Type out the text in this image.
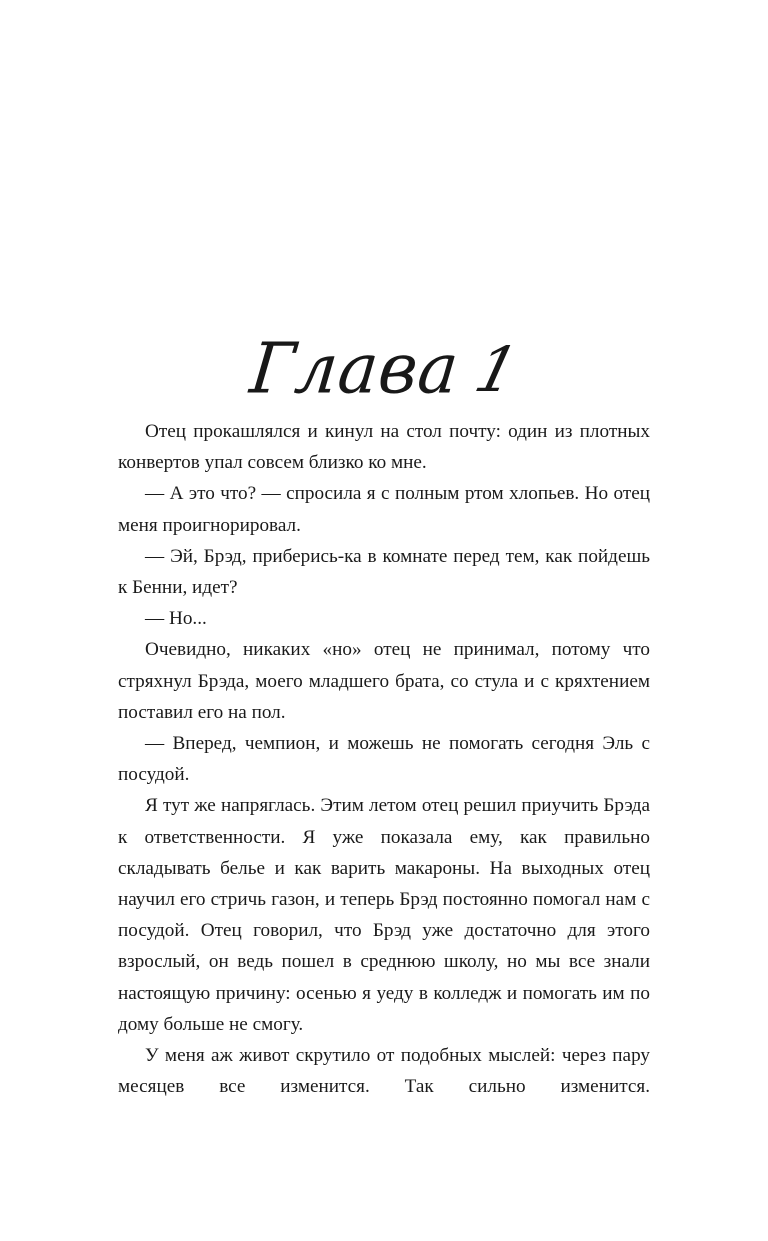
Глава1

Отец прокашлялся и кинул на стол почту: один из плотных конвертов упал совсем близко ко мне.

— А это что? — спросила я с полным ртом хлопьев. Но отец меня проигнорировал.

— Эй, Брэд, приберись-ка в комнате перед тем, как пойдешь к Бенни, идет?

— Но...

Очевидно, никаких «но» отец не принимал, потому что стряхнул Брэда, моего младшего брата, со стула и с кряхтением поставил его на пол.

— Вперед, чемпион, и можешь не помогать сегодня Эль с посудой.

Я тут же напряглась. Этим летом отец решил приучить Брэда к ответственности. Я уже показала ему, как правильно складывать белье и как варить макароны. На выходных отец научил его стричь газон, и теперь Брэд постоянно помогал нам с посудой. Отец говорил, что Брэд уже достаточно для этого взрослый, он ведь пошел в среднюю школу, но мы все знали настоящую причину: осенью я уеду в колледж и помогать им по дому больше не смогу.

У меня аж живот скрутило от подобных мыслей: через пару месяцев все изменится. Так сильно изменится.
